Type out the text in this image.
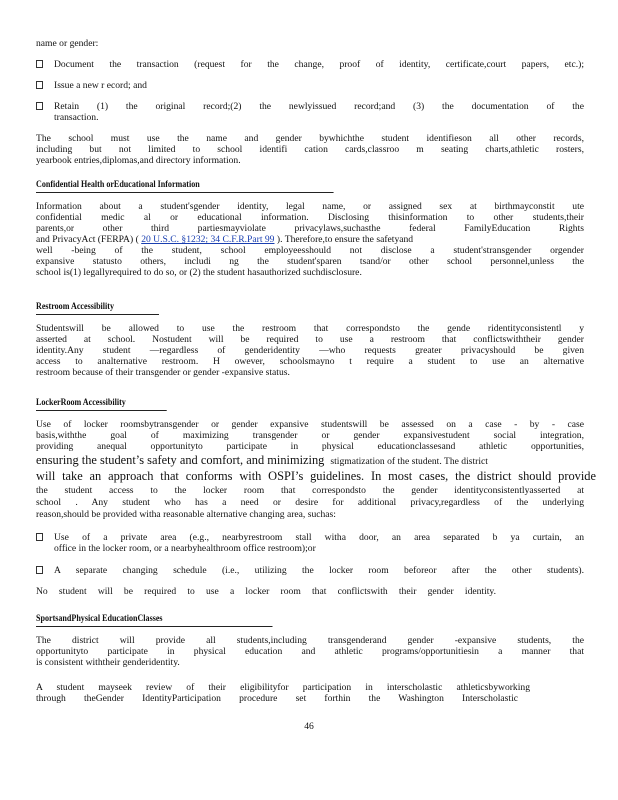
name or gender:
Document the transaction (request for the change, proof of identity, certificate,court papers, etc.);
Issue a new r ecord; and
Retain (1) the original record;(2) the newlyissued record;and (3) the documentation of the
transaction.
The school must use the name and gender bywhichthe student identifieson all other records,
including but not limited to school identifi cation cards,classroo m seating charts,athletic rosters,
yearbook entries,diplomas,and directory information.
Confidential Health orEducational Information
Information about a student'sgender identity, legal name, or assigned sex at birthmayconstit ute
confidential medic al or educational information. Disclosing thisinformation to other students,their
parents,or other third partiesmayviolate privacylaws,suchasthe federal FamilyEducation Rights
and PrivacyAct (FERPA) ( 20 U.S.C. §1232; 34 C.F.R.Part 99 ). Therefore,to ensure the safetyand
well -being of the student, school employeesshould not disclose a student'stransgender orgender
expansive statusto others, includi ng the student'sparen tsand/or other school personnel,unless the
school is(1) legallyrequired to do so, or (2) the student hasauthorized suchdisclosure.
Restroom Accessibility
Studentswill be allowed to use the restroom that correspondsto the gende ridentityconsistentl y
asserted at school. Nostudent will be required to use a restroom that conflictswiththeir gender
identity.Any student —regardless of genderidentity —who requests greater privacyshould be given
access to analternative restroom. H owever, schoolsmayno t require a student to use an alternative
restroom because of their transgender or gender -expansive status.
LockerRoom Accessibility
Use of locker roomsbytransgender or gender expansive studentswill be assessed on a case - by - case
basis,withthe goal of maximizing transgender or gender expansivestudent social integration,
providing anequal opportunityto participate in physical educationclassesand athletic opportunities,
ensuring the student’s safety and comfort, and minimizing stigmatization of the student. The district
will take an approach that conforms with OSPI’s guidelines. In most cases, the district should provide
the student access to the locker room that correspondsto the gender identityconsistentlyasserted at
school . Any student who has a need or desire for additional privacy,regardless of the underlying
reason,should be provided witha reasonable alternative changing area, suchas:
Use of a private area (e.g., nearbyrestroom stall witha door, an area separated b ya curtain, an
office in the locker room, or a nearbyhealthroom office restroom);or
A separate changing schedule (i.e., utilizing the locker room beforeor after the other students).
No student will be required to use a locker room that conflictswith their gender identity.
SportsandPhysical EducationClasses
The district will provide all students,including transgenderand gender -expansive students, the
opportunityto participate in physical education and athletic programs/opportunitiesin a manner that
is consistent withtheir genderidentity.
A student mayseek review of their eligibilityfor participation in interscholastic athleticsbyworking
through theGender IdentityParticipation procedure set forthin the Washington Interscholastic
46
